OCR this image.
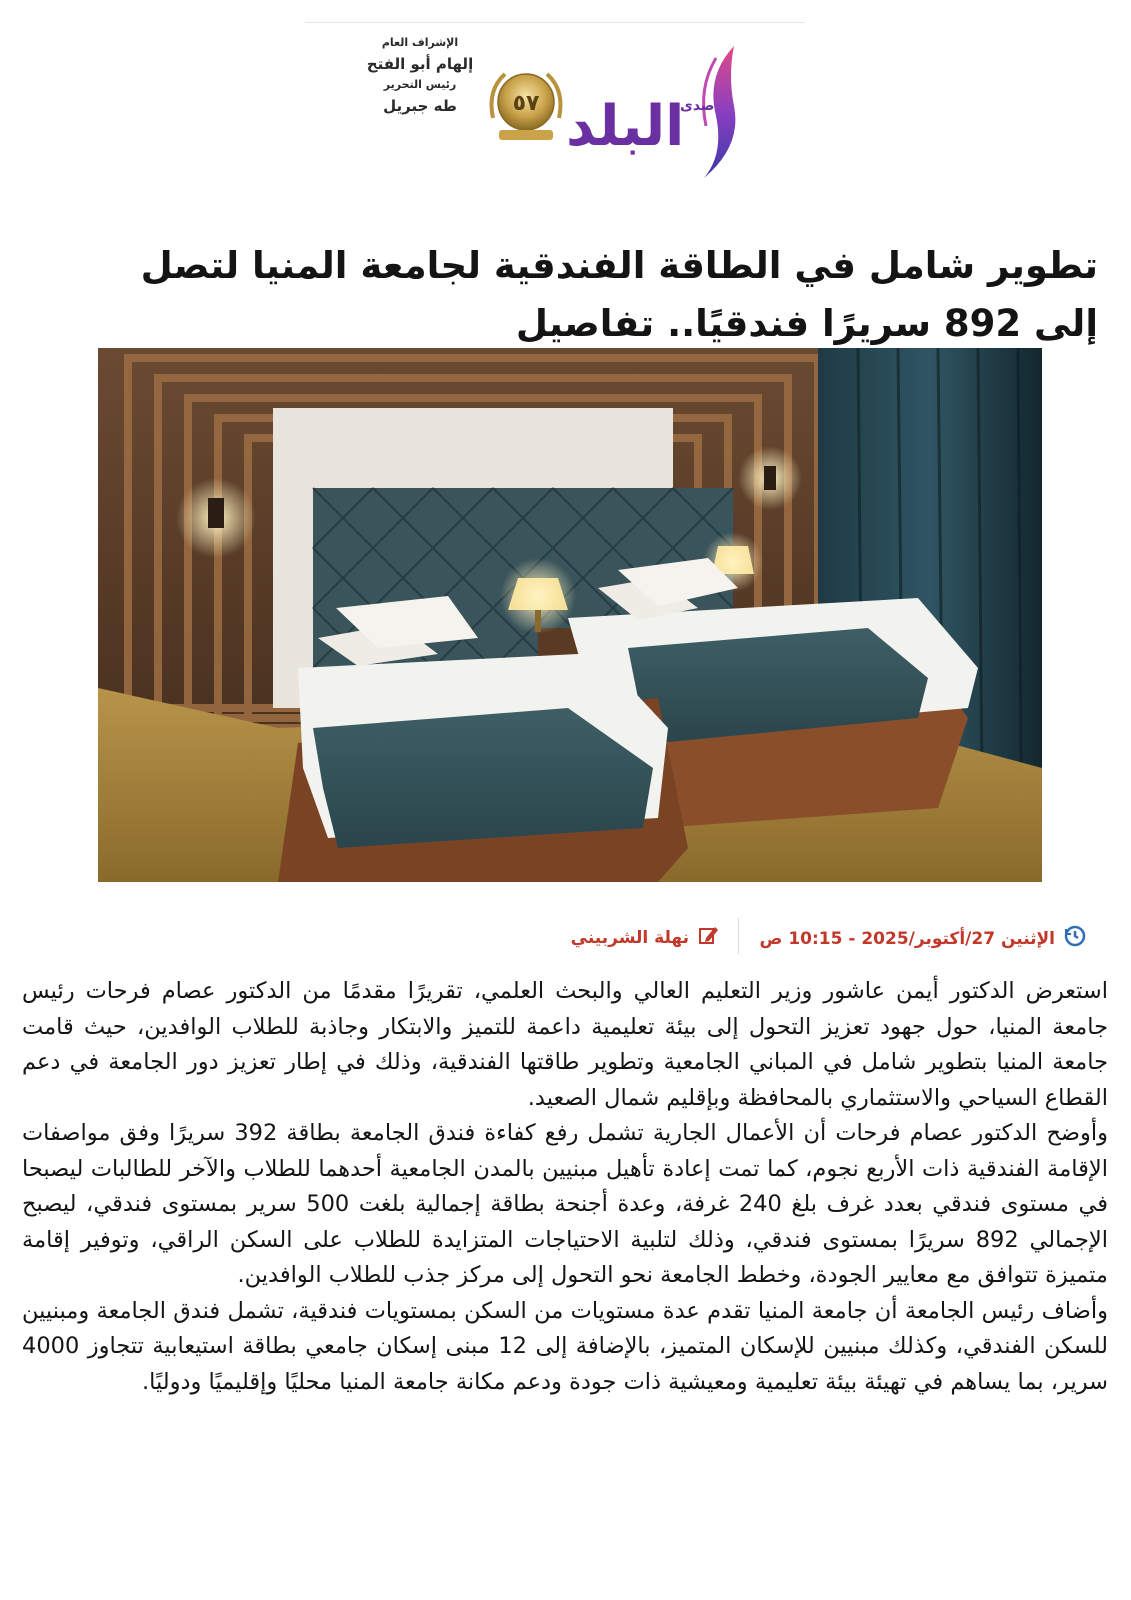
الإشراف العام
إلهام أبو الفتح
رئيس التحرير
طه جبريل	٥٧ البلد
صدى
تطوير شامل في الطاقة الفندقية لجامعة المنيا لتصل إلى 892 سريرًا فندقيًا.. تفاصيل
الإثنين 27/أكتوبر/2025 - 10:15 ص
نهلة الشربيني

استعرض الدكتور أيمن عاشور وزير التعليم العالي والبحث العلمي، تقريرًا مقدمًا من الدكتور عصام فرحات رئيس جامعة المنيا، حول جهود تعزيز التحول إلى بيئة تعليمية داعمة للتميز والابتكار وجاذبة للطلاب الوافدين، حيث قامت جامعة المنيا بتطوير شامل في المباني الجامعية وتطوير طاقتها الفندقية، وذلك في إطار تعزيز دور الجامعة في دعم القطاع السياحي والاستثماري بالمحافظة وبإقليم شمال الصعيد.

وأوضح الدكتور عصام فرحات أن الأعمال الجارية تشمل رفع كفاءة فندق الجامعة بطاقة 392 سريرًا وفق مواصفات الإقامة الفندقية ذات الأربع نجوم، كما تمت إعادة تأهيل مبنيين بالمدن الجامعية أحدهما للطلاب والآخر للطالبات ليصبحا في مستوى فندقي بعدد غرف بلغ 240 غرفة، وعدة أجنحة بطاقة إجمالية بلغت 500 سرير بمستوى فندقي، ليصبح الإجمالي 892 سريرًا بمستوى فندقي، وذلك لتلبية الاحتياجات المتزايدة للطلاب على السكن الراقي، وتوفير إقامة متميزة تتوافق مع معايير الجودة، وخطط الجامعة نحو التحول إلى مركز جذب للطلاب الوافدين.

وأضاف رئيس الجامعة أن جامعة المنيا تقدم عدة مستويات من السكن بمستويات فندقية، تشمل فندق الجامعة ومبنيين للسكن الفندقي، وكذلك مبنيين للإسكان المتميز، بالإضافة إلى 12 مبنى إسكان جامعي بطاقة استيعابية تتجاوز 4000 سرير، بما يساهم في تهيئة بيئة تعليمية ومعيشية ذات جودة ودعم مكانة جامعة المنيا محليًا وإقليميًا ودوليًا.
